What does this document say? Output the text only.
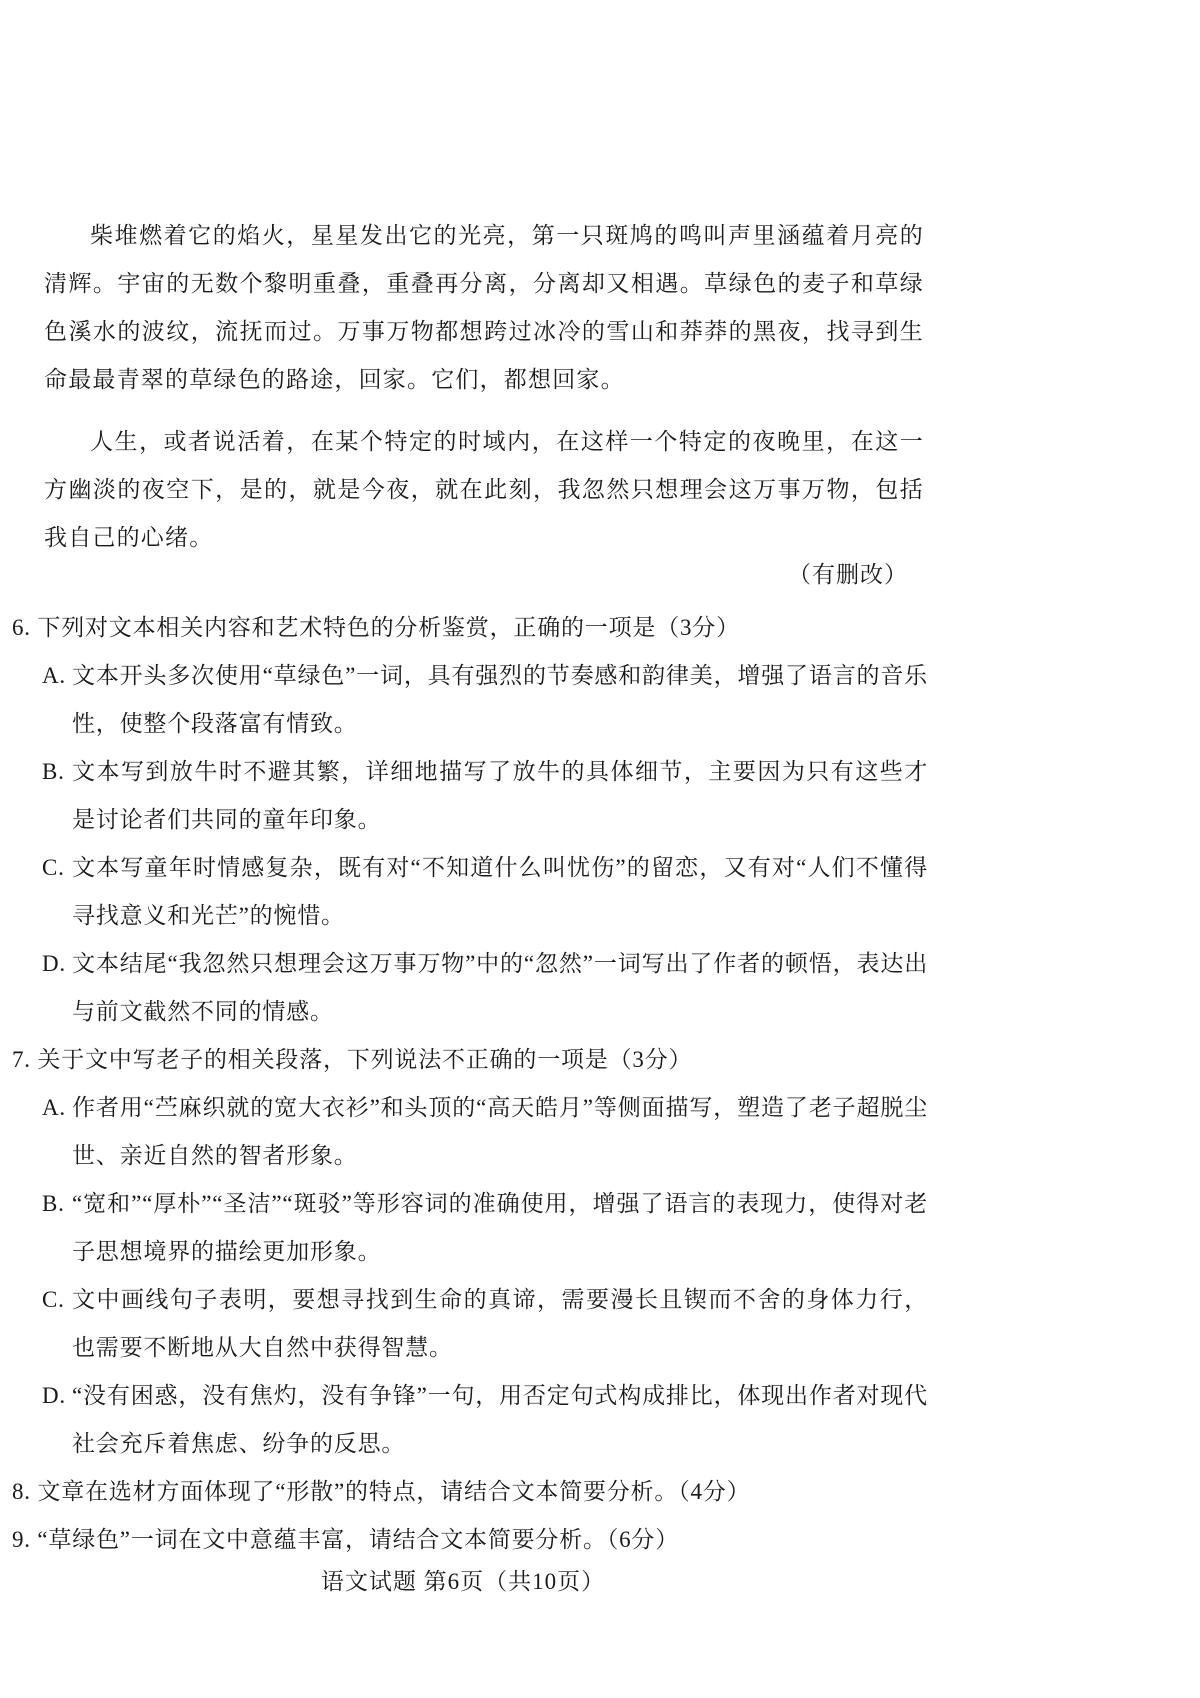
柴堆燃着它的焰火，星星发出它的光亮，第一只斑鸠的鸣叫声里涵蕴着月亮的清辉。宇宙的无数个黎明重叠，重叠再分离，分离却又相遇。草绿色的麦子和草绿色溪水的波纹，流抚而过。万事万物都想跨过冰冷的雪山和莽莽的黑夜，找寻到生命最最青翠的草绿色的路途，回家。它们，都想回家。

人生，或者说活着，在某个特定的时域内，在这样一个特定的夜晚里，在这一方幽淡的夜空下，是的，就是今夜，就在此刻，我忽然只想理会这万事万物，包括我自己的心绪。

（有删改）

6. 下列对文本相关内容和艺术特色的分析鉴赏，正确的一项是（3分）

A. 文本开头多次使用“草绿色”一词，具有强烈的节奏感和韵律美，增强了语言的音乐性，使整个段落富有情致。
B. 文本写到放牛时不避其繁，详细地描写了放牛的具体细节，主要因为只有这些才是讨论者们共同的童年印象。
C. 文本写童年时情感复杂，既有对“不知道什么叫忧伤”的留恋，又有对“人们不懂得寻找意义和光芒”的惋惜。
D. 文本结尾“我忽然只想理会这万事万物”中的“忽然”一词写出了作者的顿悟，表达出与前文截然不同的情感。

7. 关于文中写老子的相关段落，下列说法不正确的一项是（3分）

A. 作者用“苎麻织就的宽大衣衫”和头顶的“高天皓月”等侧面描写，塑造了老子超脱尘世、亲近自然的智者形象。
B. “宽和”“厚朴”“圣洁”“斑驳”等形容词的准确使用，增强了语言的表现力，使得对老子思想境界的描绘更加形象。
C. 文中画线句子表明，要想寻找到生命的真谛，需要漫长且锲而不舍的身体力行，也需要不断地从大自然中获得智慧。
D. “没有困惑，没有焦灼，没有争锋”一句，用否定句式构成排比，体现出作者对现代社会充斥着焦虑、纷争的反思。

8. 文章在选材方面体现了“形散”的特点，请结合文本简要分析。（4分）

9. “草绿色”一词在文中意蕴丰富，请结合文本简要分析。（6分）

语文试题 第6页（共10页）
